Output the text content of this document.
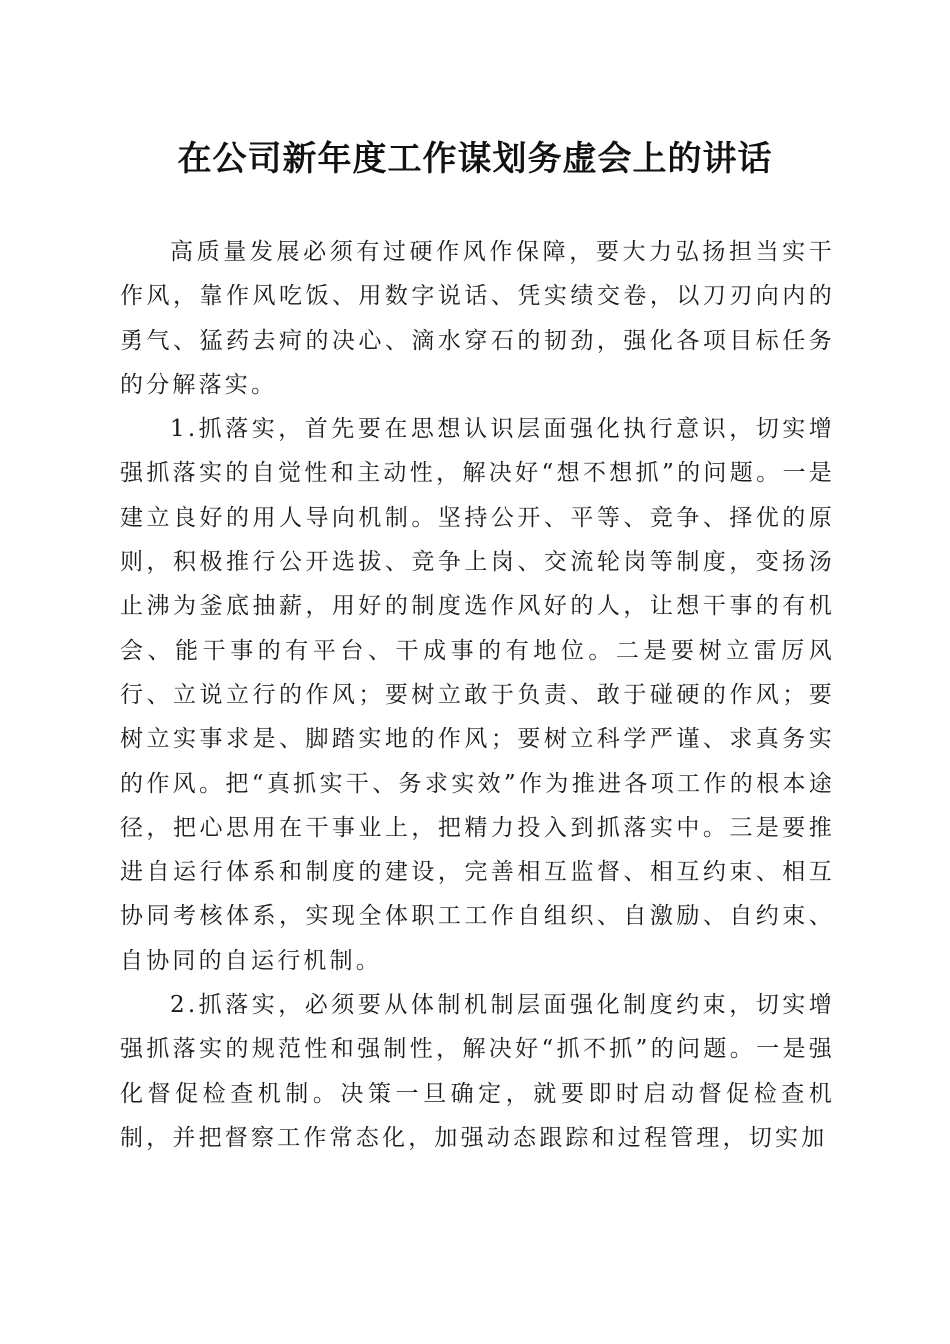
在公司新年度工作谋划务虚会上的讲话

高质量发展必须有过硬作风作保障，要大力弘扬担当实干作风，靠作风吃饭、用数字说话、凭实绩交卷，以刀刃向内的勇气、猛药去疴的决心、滴水穿石的韧劲，强化各项目标任务的分解落实。

1.抓落实，首先要在思想认识层面强化执行意识，切实增强抓落实的自觉性和主动性，解决好“想不想抓”的问题。一是建立良好的用人导向机制。坚持公开、平等、竞争、择优的原则，积极推行公开选拔、竞争上岗、交流轮岗等制度，变扬汤止沸为釜底抽薪，用好的制度选作风好的人，让想干事的有机会、能干事的有平台、干成事的有地位。二是要树立雷厉风行、立说立行的作风；要树立敢于负责、敢于碰硬的作风；要树立实事求是、脚踏实地的作风；要树立科学严谨、求真务实的作风。把“真抓实干、务求实效”作为推进各项工作的根本途径，把心思用在干事业上，把精力投入到抓落实中。三是要推进自运行体系和制度的建设，完善相互监督、相互约束、相互协同考核体系，实现全体职工工作自组织、自激励、自约束、自协同的自运行机制。

2.抓落实，必须要从体制机制层面强化制度约束，切实增强抓落实的规范性和强制性，解决好“抓不抓”的问题。一是强化督促检查机制。决策一旦确定，就要即时启动督促检查机制，并把督察工作常态化，加强动态跟踪和过程管理，切实加
